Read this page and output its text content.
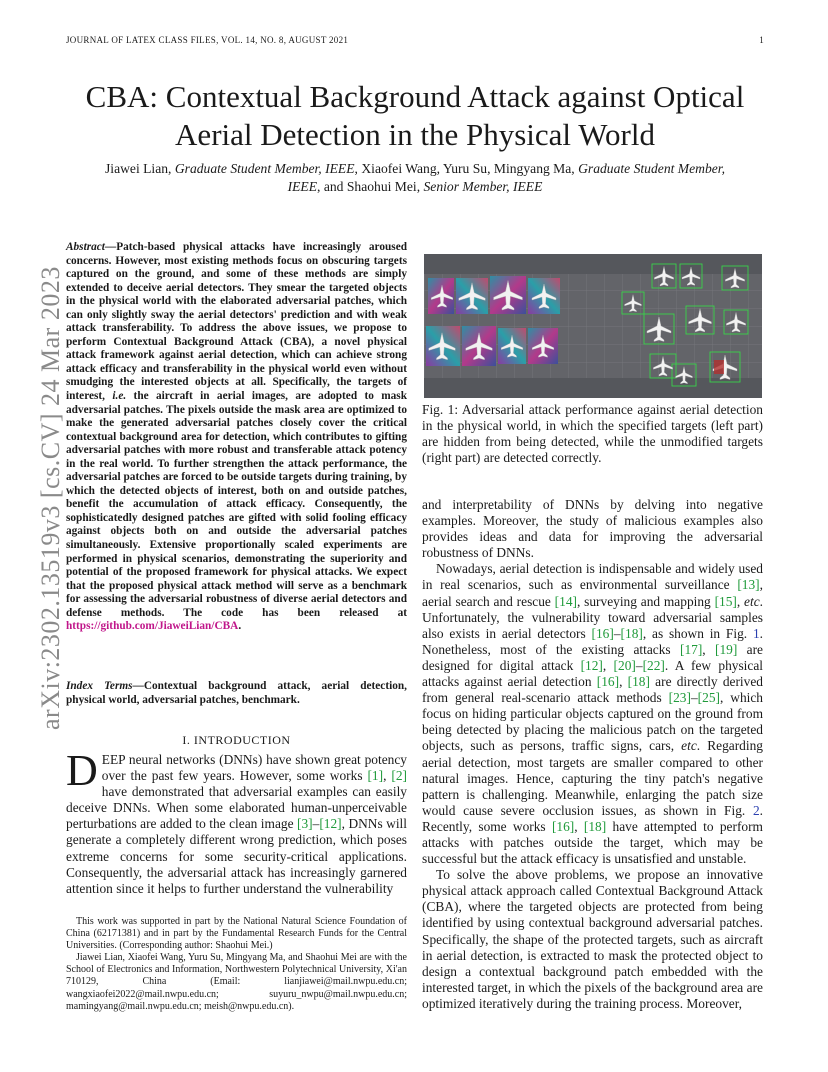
JOURNAL OF LATEX CLASS FILES, VOL. 14, NO. 8, AUGUST 2021	1
arXiv:2302.13519v3 [cs.CV] 24 Mar 2023
CBA: Contextual Background Attack against Optical Aerial Detection in the Physical World
Jiawei Lian, Graduate Student Member, IEEE, Xiaofei Wang, Yuru Su, Mingyang Ma, Graduate Student Member, IEEE, and Shaohui Mei, Senior Member, IEEE

Abstract—Patch-based physical attacks have increasingly aroused concerns. However, most existing methods focus on obscuring targets captured on the ground, and some of these methods are simply extended to deceive aerial detectors. They smear the targeted objects in the physical world with the elaborated adversarial patches, which can only slightly sway the aerial detectors' prediction and with weak attack transferability. To address the above issues, we propose to perform Contextual Background Attack (CBA), a novel physical attack framework against aerial detection, which can achieve strong attack efficacy and transferability in the physical world even without smudging the interested objects at all. Specifically, the targets of interest, i.e. the aircraft in aerial images, are adopted to mask adversarial patches. The pixels outside the mask area are optimized to make the generated adversarial patches closely cover the critical contextual background area for detection, which contributes to gifting adversarial patches with more robust and transferable attack potency in the real world. To further strengthen the attack performance, the adversarial patches are forced to be outside targets during training, by which the detected objects of interest, both on and outside patches, benefit the accumulation of attack efficacy. Consequently, the sophisticatedly designed patches are gifted with solid fooling efficacy against objects both on and outside the adversarial patches simultaneously. Extensive proportionally scaled experiments are performed in physical scenarios, demonstrating the superiority and potential of the proposed framework for physical attacks. We expect that the proposed physical attack method will serve as a benchmark for assessing the adversarial robustness of diverse aerial detectors and defense methods. The code has been released at https://github.com/JiaweiLian/CBA.

Index Terms—Contextual background attack, aerial detection, physical world, adversarial patches, benchmark.

I. INTRODUCTION
DEEP neural networks (DNNs) have shown great potency over the past few years. However, some works [1], [2] have demonstrated that adversarial examples can easily deceive DNNs. When some elaborated human-unperceivable perturbations are added to the clean image [3]–[12], DNNs will generate a completely different wrong prediction, which poses extreme concerns for some security-critical applications. Consequently, the adversarial attack has increasingly garnered attention since it helps to further understand the vulnerability

This work was supported in part by the National Natural Science Foundation of China (62171381) and in part by the Fundamental Research Funds for the Central Universities. (Corresponding author: Shaohui Mei.)

Jiawei Lian, Xiaofei Wang, Yuru Su, Mingyang Ma, and Shaohui Mei are with the School of Electronics and Information, Northwestern Polytechnical University, Xi'an 710129, China (Email: lianjiawei@mail.nwpu.edu.cn; wangxiaofei2022@mail.nwpu.edu.cn; suyuru_nwpu@mail.nwpu.edu.cn; mamingyang@mail.nwpu.edu.cn; meish@nwpu.edu.cn).

Fig. 1: Adversarial attack performance against aerial detection in the physical world, in which the specified targets (left part) are hidden from being detected, while the unmodified targets (right part) are detected correctly.

and interpretability of DNNs by delving into negative examples. Moreover, the study of malicious examples also provides ideas and data for improving the adversarial robustness of DNNs.

Nowadays, aerial detection is indispensable and widely used in real scenarios, such as environmental surveillance [13], aerial search and rescue [14], surveying and mapping [15], etc. Unfortunately, the vulnerability toward adversarial samples also exists in aerial detectors [16]–[18], as shown in Fig. 1. Nonetheless, most of the existing attacks [17], [19] are designed for digital attack [12], [20]–[22]. A few physical attacks against aerial detection [16], [18] are directly derived from general real-scenario attack methods [23]–[25], which focus on hiding particular objects captured on the ground from being detected by placing the malicious patch on the targeted objects, such as persons, traffic signs, cars, etc. Regarding aerial detection, most targets are smaller compared to other natural images. Hence, capturing the tiny patch's negative pattern is challenging. Meanwhile, enlarging the patch size would cause severe occlusion issues, as shown in Fig. 2. Recently, some works [16], [18] have attempted to perform attacks with patches outside the target, which may be successful but the attack efficacy is unsatisfied and unstable.

To solve the above problems, we propose an innovative physical attack approach called Contextual Background Attack (CBA), where the targeted objects are protected from being identified by using contextual background adversarial patches. Specifically, the shape of the protected targets, such as aircraft in aerial detection, is extracted to mask the protected object to design a contextual background patch embedded with the interested target, in which the pixels of the background area are optimized iteratively during the training process. Moreover,
